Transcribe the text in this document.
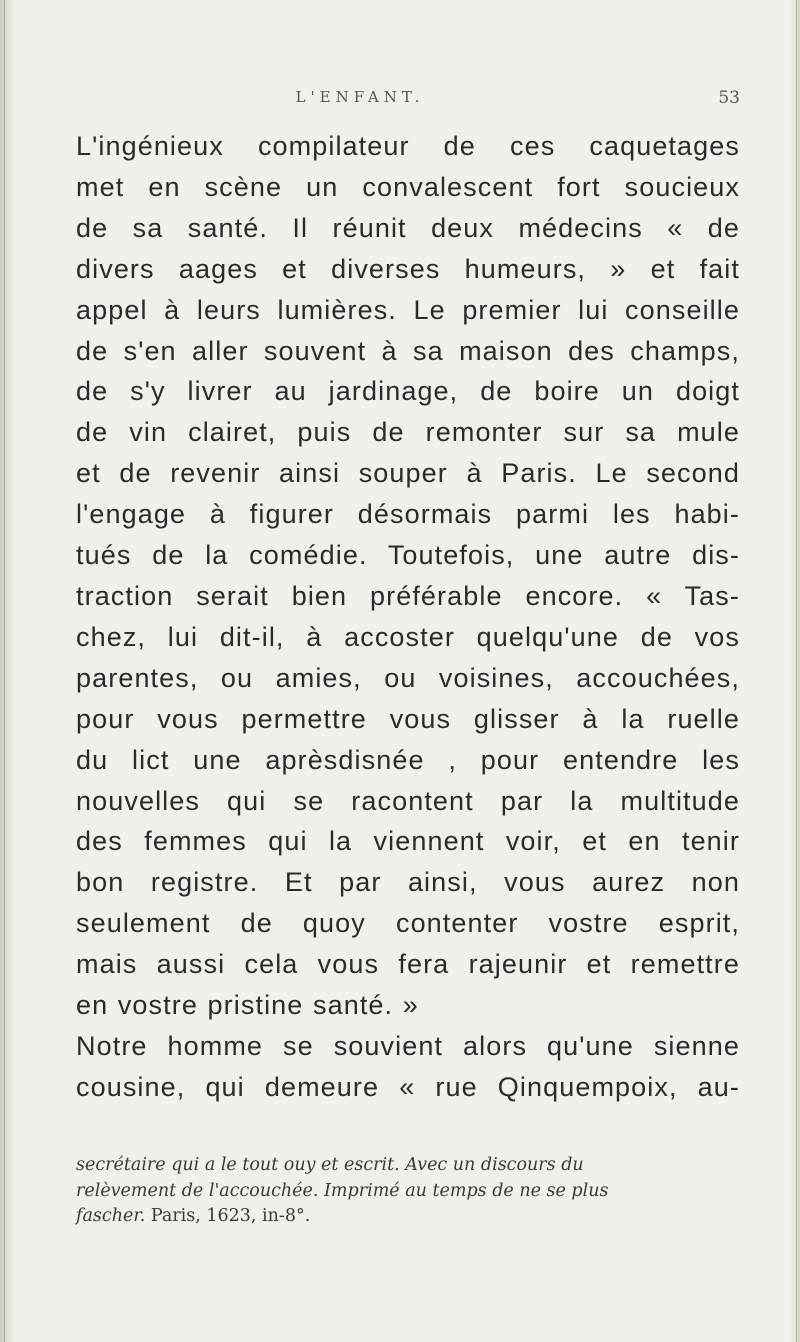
L'ENFANT.	53
L'ingénieux compilateur de ces caquetages
met en scène un convalescent fort soucieux
de sa santé. Il réunit deux médecins « de
divers aages et diverses humeurs, » et fait
appel à leurs lumières. Le premier lui conseille
de s'en aller souvent à sa maison des champs,
de s'y livrer au jardinage, de boire un doigt
de vin clairet, puis de remonter sur sa mule
et de revenir ainsi souper à Paris. Le second
l'engage à figurer désormais parmi les habi-
tués de la comédie. Toutefois, une autre dis-
traction serait bien préférable encore. « Tas-
chez, lui dit-il, à accoster quelqu'une de vos
parentes, ou amies, ou voisines, accouchées,
pour vous permettre vous glisser à la ruelle
du lict une aprèsdisnée , pour entendre les
nouvelles qui se racontent par la multitude
des femmes qui la viennent voir, et en tenir
bon registre. Et par ainsi, vous aurez non
seulement de quoy contenter vostre esprit,
mais aussi cela vous fera rajeunir et remettre
en vostre pristine santé. »
Notre homme se souvient alors qu'une sienne
cousine, qui demeure « rue Qinquempoix, au-
secrétaire qui a le tout ouy et escrit. Avec un discours du
relèvement de l'accouchée. Imprimé au temps de ne se plus
fascher. Paris, 1623, in-8°.
